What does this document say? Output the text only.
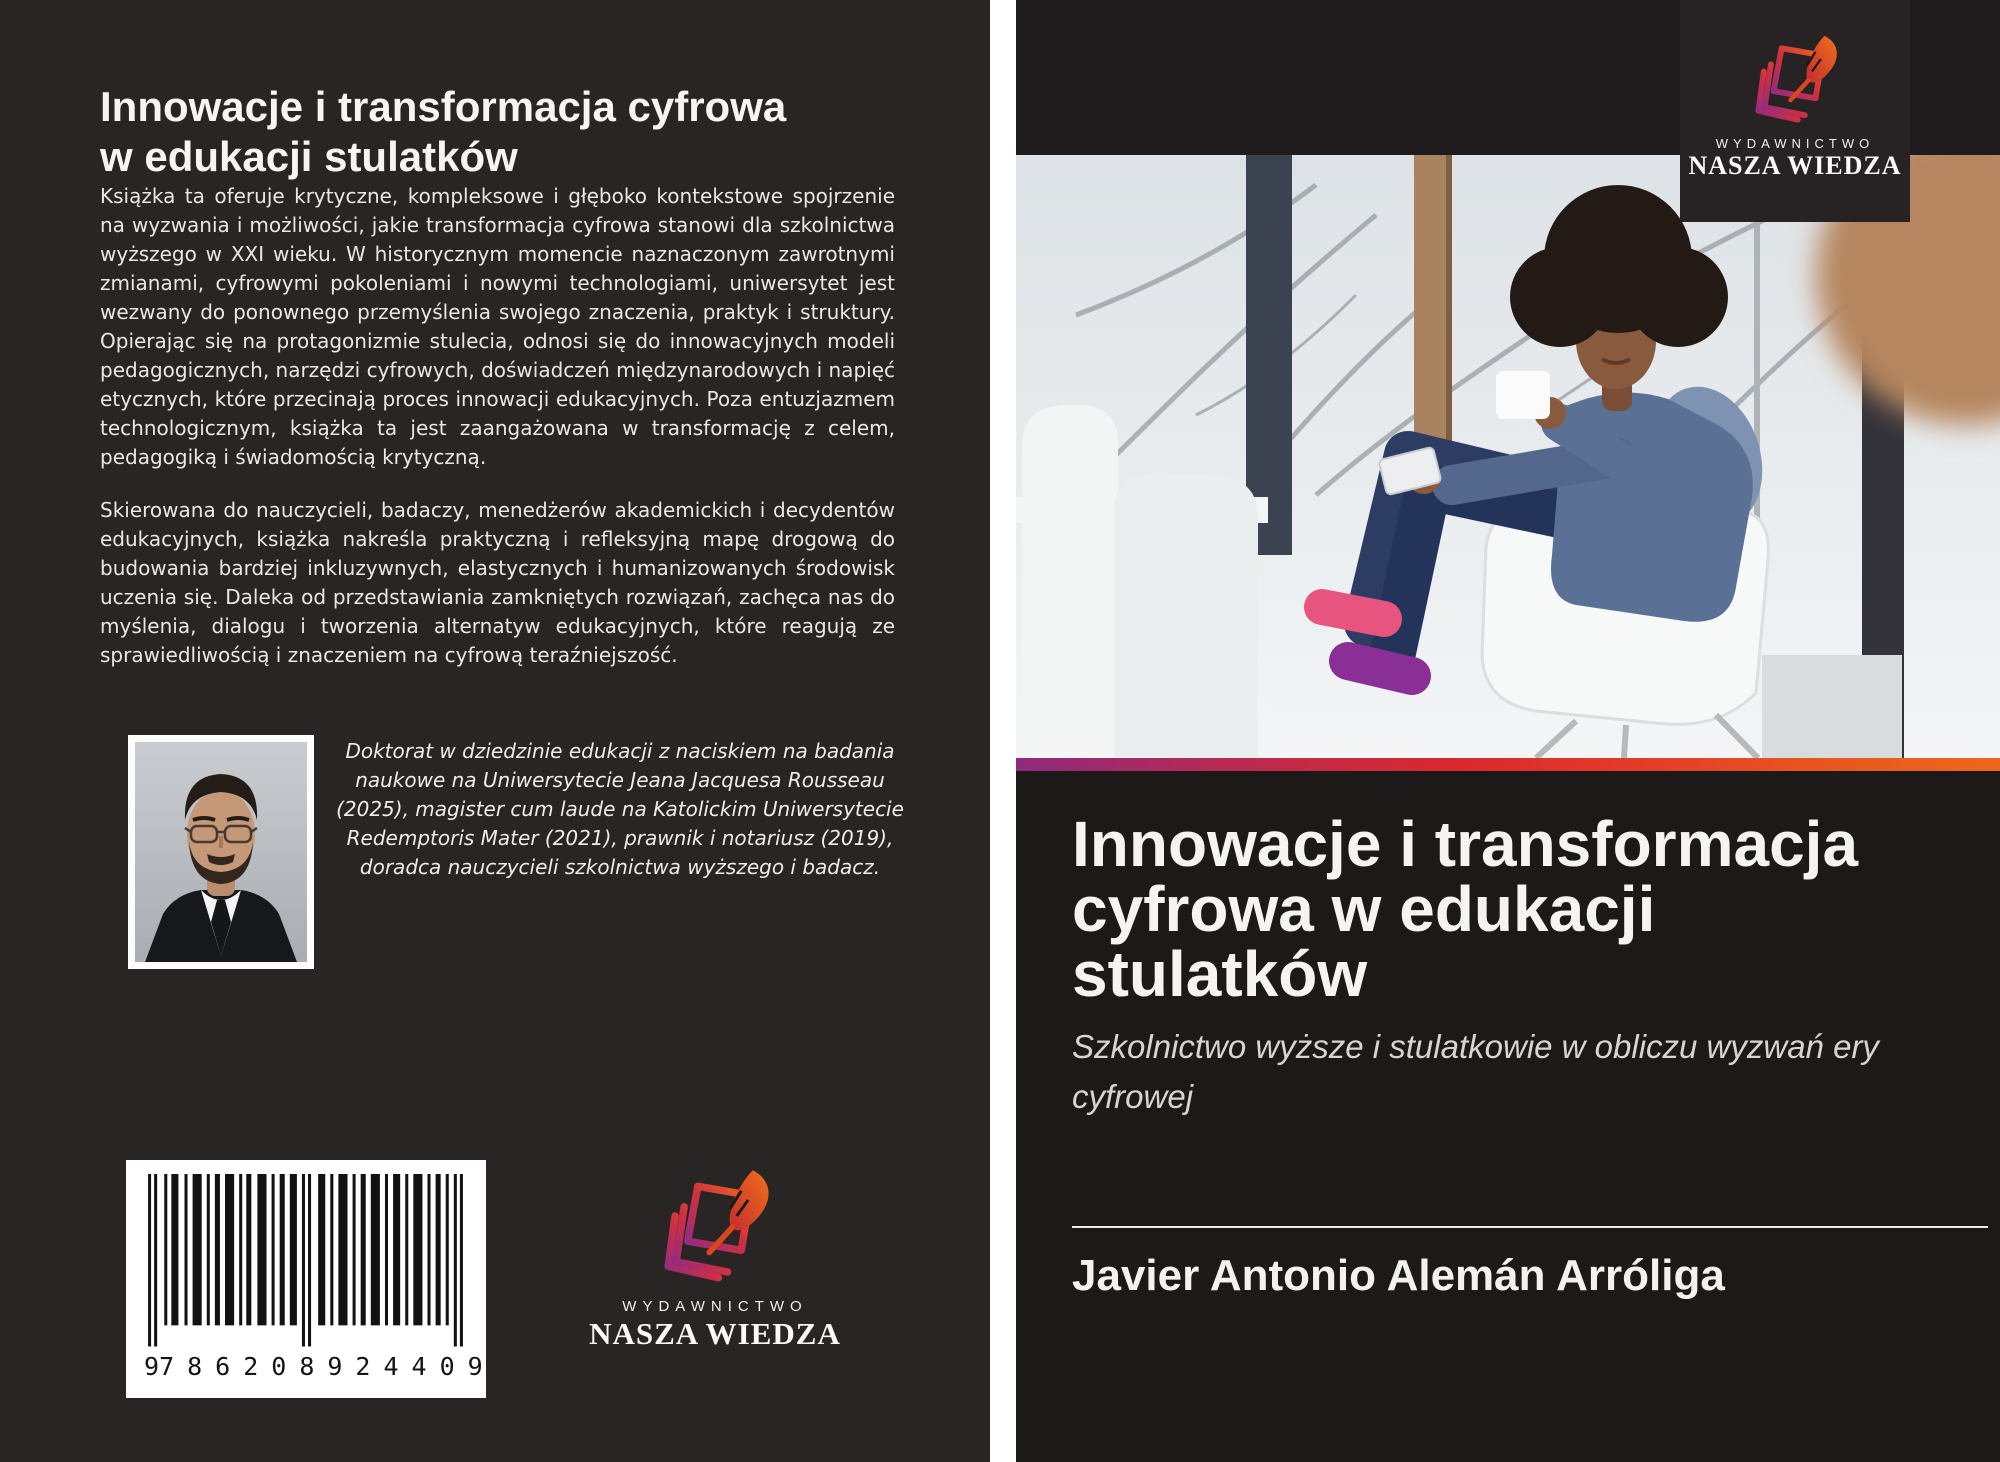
Innowacje i transformacja cyfrowa
w edukacji stulatków
Książka ta oferuje krytyczne, kompleksowe i głęboko kontekstowe spojrzenie na wyzwania i możliwości, jakie transformacja cyfrowa stanowi dla szkolnictwa wyższego w XXI wieku. W historycznym momencie naznaczonym zawrotnymi zmianami, cyfrowymi pokoleniami i nowymi technologiami, uniwersytet jest wezwany do ponownego przemyślenia swojego znaczenia, praktyk i struktury. Opierając się na protagonizmie stulecia, odnosi się do innowacyjnych modeli pedagogicznych, narzędzi cyfrowych, doświadczeń międzynarodowych i napięć etycznych, które przecinają proces innowacji edukacyjnych. Poza entuzjazmem technologicznym, książka ta jest zaangażowana w transformację z celem, pedagogiką i świadomością krytyczną.
Skierowana do nauczycieli, badaczy, menedżerów akademickich i decydentów edukacyjnych, książka nakreśla praktyczną i refleksyjną mapę drogową do budowania bardziej inkluzywnych, elastycznych i humanizowanych środowisk uczenia się. Daleka od przedstawiania zamkniętych rozwiązań, zachęca nas do myślenia, dialogu i tworzenia alternatyw edukacyjnych, które reagują ze sprawiedliwością i znaczeniem na cyfrową teraźniejszość.
Doktorat w dziedzinie edukacji z naciskiem na badania naukowe na Uniwersytecie Jeana Jacquesa Rousseau (2025), magister cum laude na Katolickim Uniwersytecie Redemptoris Mater (2021), prawnik i notariusz (2019), doradca nauczycieli szkolnictwa wyższego i badacz.
9 786208 924409
WYDAWNICTWO
NASZA WIEDZA
WYDAWNICTWO
NASZA WIEDZA
Innowacje i transformacja
cyfrowa w edukacji
stulatków
Szkolnictwo wyższe i stulatkowie w obliczu wyzwań ery cyfrowej
Javier Antonio Alemán Arróliga
